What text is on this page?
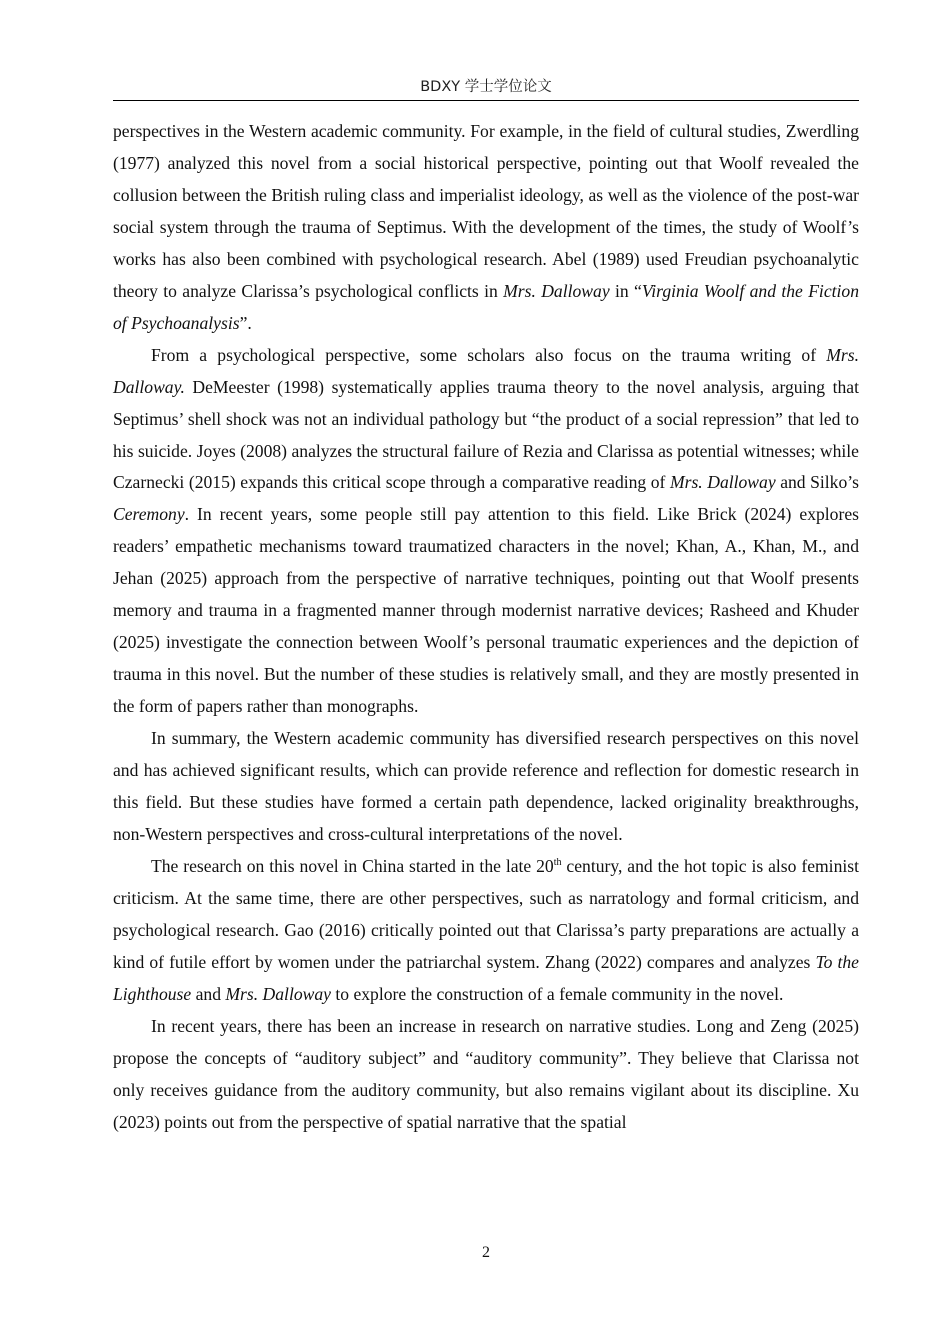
BDXY 学士学位论文

perspectives in the Western academic community. For example, in the field of cultural studies, Zwerdling (1977) analyzed this novel from a social historical perspective, pointing out that Woolf revealed the collusion between the British ruling class and imperialist ideology, as well as the violence of the post-war social system through the trauma of Septimus. With the development of the times, the study of Woolf’s works has also been combined with psychological research. Abel (1989) used Freudian psychoanalytic theory to analyze Clarissa’s psychological conflicts in Mrs. Dalloway in “Virginia Woolf and the Fiction of Psychoanalysis”.

From a psychological perspective, some scholars also focus on the trauma writing of Mrs. Dalloway. DeMeester (1998) systematically applies trauma theory to the novel analysis, arguing that Septimus’ shell shock was not an individual pathology but “the product of a social repression” that led to his suicide. Joyes (2008) analyzes the structural failure of Rezia and Clarissa as potential witnesses; while Czarnecki (2015) expands this critical scope through a comparative reading of Mrs. Dalloway and Silko’s Ceremony. In recent years, some people still pay attention to this field. Like Brick (2024) explores readers’ empathetic mechanisms toward traumatized characters in the novel; Khan, A., Khan, M., and Jehan (2025) approach from the perspective of narrative techniques, pointing out that Woolf presents memory and trauma in a fragmented manner through modernist narrative devices; Rasheed and Khuder (2025) investigate the connection between Woolf’s personal traumatic experiences and the depiction of trauma in this novel. But the number of these studies is relatively small, and they are mostly presented in the form of papers rather than monographs.

In summary, the Western academic community has diversified research perspectives on this novel and has achieved significant results, which can provide reference and reflection for domestic research in this field. But these studies have formed a certain path dependence, lacked originality breakthroughs, non-Western perspectives and cross-cultural interpretations of the novel.

The research on this novel in China started in the late 20th century, and the hot topic is also feminist criticism. At the same time, there are other perspectives, such as narratology and formal criticism, and psychological research. Gao (2016) critically pointed out that Clarissa’s party preparations are actually a kind of futile effort by women under the patriarchal system. Zhang (2022) compares and analyzes To the Lighthouse and Mrs. Dalloway to explore the construction of a female community in the novel.

In recent years, there has been an increase in research on narrative studies. Long and Zeng (2025) propose the concepts of “auditory subject” and “auditory community”. They believe that Clarissa not only receives guidance from the auditory community, but also remains vigilant about its discipline. Xu (2023) points out from the perspective of spatial narrative that the spatial

2
